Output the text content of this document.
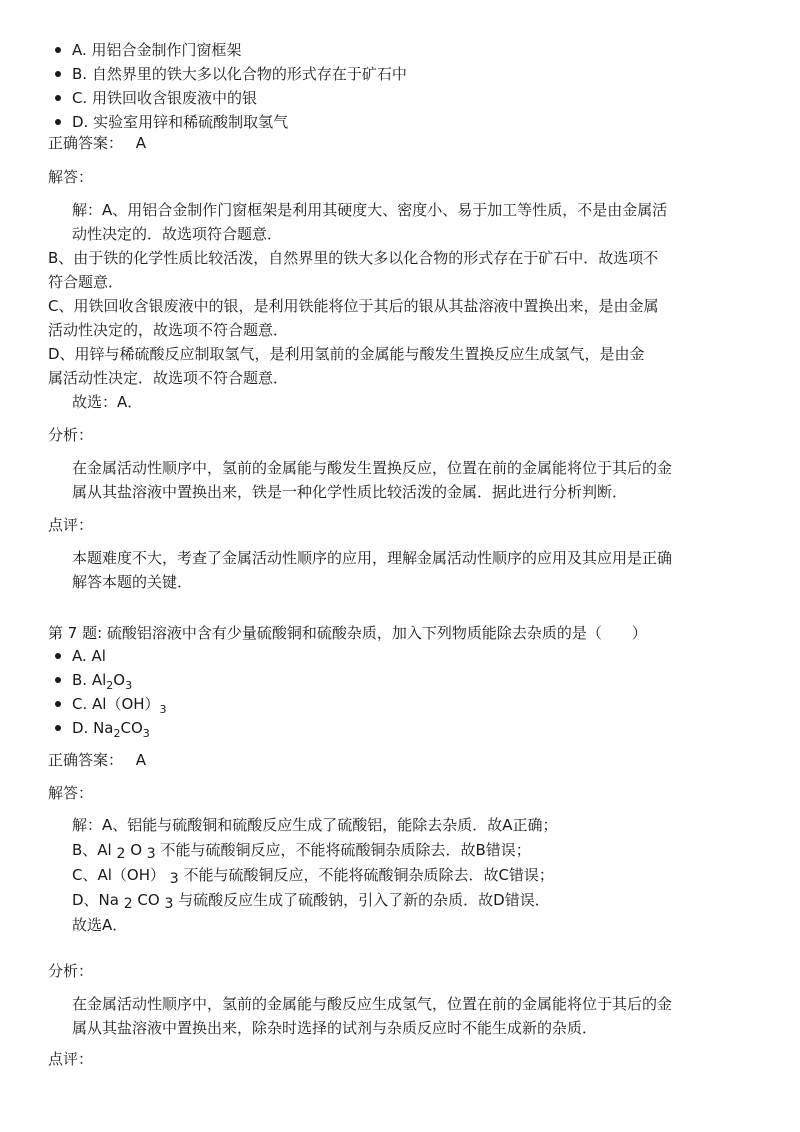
A. 用铝合金制作门窗框架
B. 自然界里的铁大多以化合物的形式存在于矿石中
C. 用铁回收含银废液中的银
D. 实验室用锌和稀硫酸制取氢气
正确答案： A
解答：
解：A、用铝合金制作门窗框架是利用其硬度大、密度小、易于加工等性质，不是由金属活
动性决定的．故选项符合题意．
B、由于铁的化学性质比较活泼，自然界里的铁大多以化合物的形式存在于矿石中．故选项不
符合题意．
C、用铁回收含银废液中的银，是利用铁能将位于其后的银从其盐溶液中置换出来，是由金属
活动性决定的，故选项不符合题意．
D、用锌与稀硫酸反应制取氢气，是利用氢前的金属能与酸发生置换反应生成氢气，是由金
属活动性决定．故选项不符合题意．
故选：A．
分析：
在金属活动性顺序中，氢前的金属能与酸发生置换反应，位置在前的金属能将位于其后的金
属从其盐溶液中置换出来，铁是一种化学性质比较活泼的金属．据此进行分析判断．
点评：
本题难度不大，考查了金属活动性顺序的应用，理解金属活动性顺序的应用及其应用是正确
解答本题的关键．
第 7 题: 硫酸铝溶液中含有少量硫酸铜和硫酸杂质，加入下列物质能除去杂质的是（　　）
A. Al
B. $Al_2O_3$
C. $Al(OH)_3$
D. $Na_2CO_3$
正确答案： A
解答：
解：A、铝能与硫酸铜和硫酸反应生成了硫酸铝，能除去杂质．故A正确；
B、Al 2 O 3 不能与硫酸铜反应，不能将硫酸铜杂质除去．故B错误；
C、Al（OH） 3 不能与硫酸铜反应，不能将硫酸铜杂质除去．故C错误；
D、Na 2 CO 3 与硫酸反应生成了硫酸钠，引入了新的杂质．故D错误．
故选A．
分析：
在金属活动性顺序中，氢前的金属能与酸反应生成氢气，位置在前的金属能将位于其后的金
属从其盐溶液中置换出来，除杂时选择的试剂与杂质反应时不能生成新的杂质．
点评：
